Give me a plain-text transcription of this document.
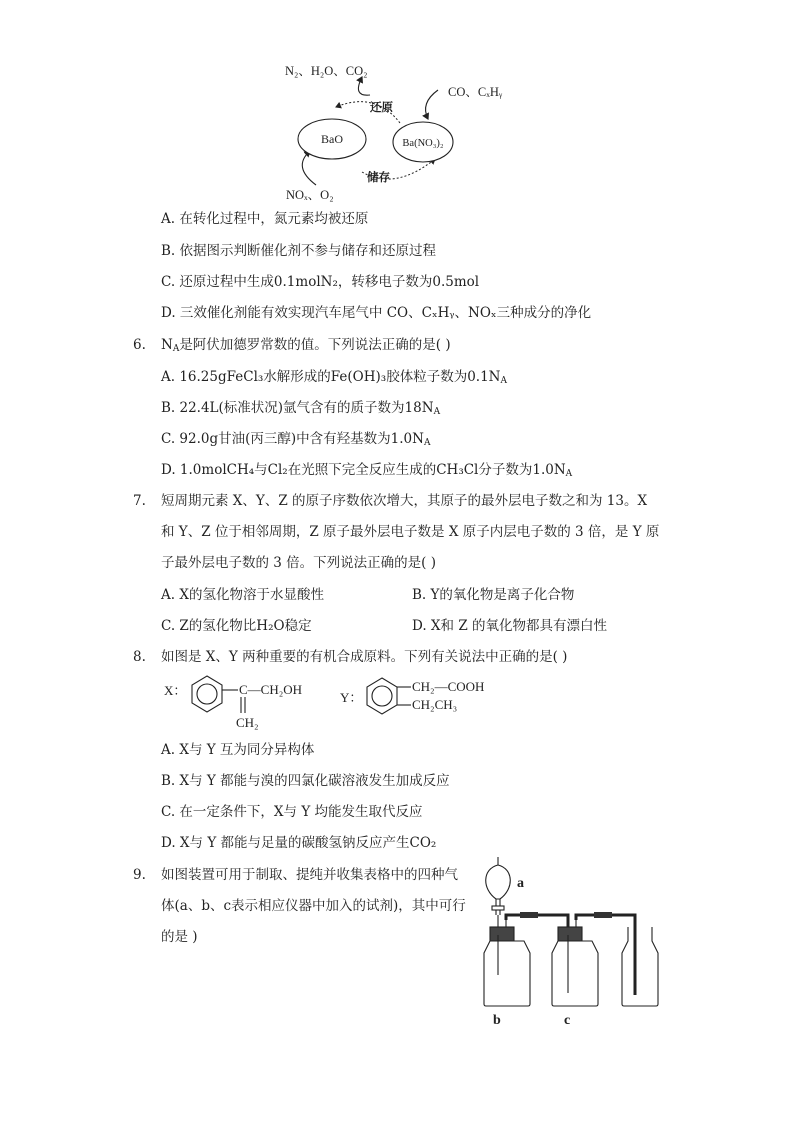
N₂、H₂O、CO₂
CO、CₓHᵧ
还原
储存
BaO	Ba(NO₃)₂
NOₓ、O₂
A. 在转化过程中，氮元素均被还原
B. 依据图示判断催化剂不参与储存和还原过程
C. 还原过程中生成0.1molN₂，转移电子数为0.5mol
D. 三效催化剂能有效实现汽车尾气中 CO、CₓHᵧ、NOₓ三种成分的净化
6. $N_A$是阿伏加德罗常数的值。下列说法正确的是( )
A. 16.25gFeCl₃水解形成的Fe(OH)₃胶体粒子数为$0.1N_A$
B. 22.4L(标准状况)氩气含有的质子数为$18N_A$
C. 92.0g甘油(丙三醇)中含有羟基数为$1.0N_A$
D. 1.0molCH₄与Cl₂在光照下完全反应生成的CH₃Cl分子数为$1.0N_A$
7. 短周期元素 X、Y、Z 的原子序数依次增大，其原子的最外层电子数之和为 13。X
和 Y、Z 位于相邻周期，Z 原子最外层电子数是 X 原子内层电子数的 3 倍，是 Y 原
子最外层电子数的 3 倍。下列说法正确的是( )
A. X的氢化物溶于水显酸性	B. Y的氧化物是离子化合物
C. Z的氢化物比H₂O稳定	D. X和 Z 的氧化物都具有漂白性
8. 如图是 X、Y 两种重要的有机合成原料。下列有关说法中正确的是( )
X：	C—CH₂OH
CH₂
Y：
CH₂—COOH
CH₂CH₃
A. X与 Y 互为同分异构体
B. X与 Y 都能与溴的四氯化碳溶液发生加成反应
C. 在一定条件下，X与 Y 均能发生取代反应
D. X与 Y 都能与足量的碳酸氢钠反应产生CO₂
9. 如图装置可用于制取、提纯并收集表格中的四种气
体(a、b、c表示相应仪器中加入的试剂)，其中可行
的是 )
a
b	c
